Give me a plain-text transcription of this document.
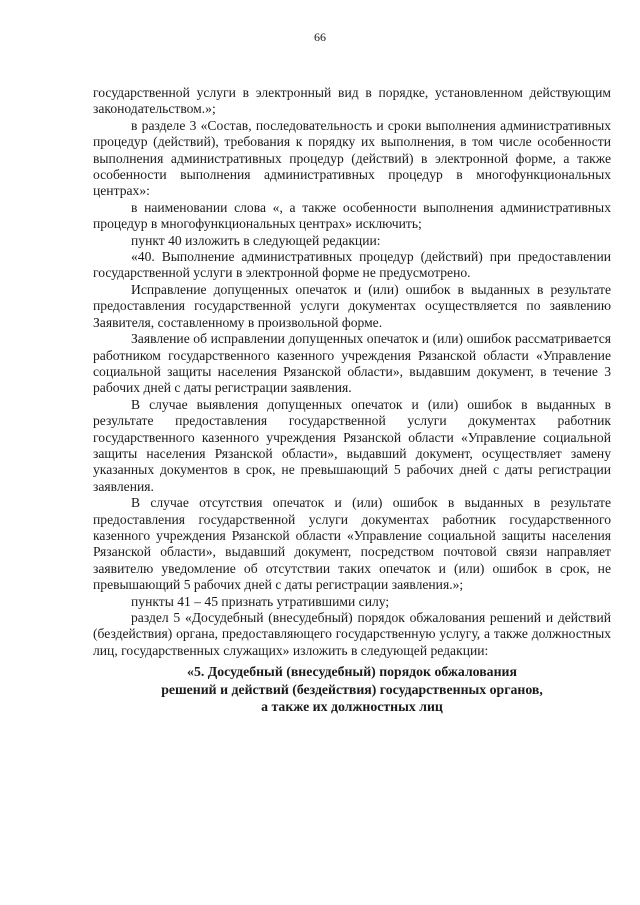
66

государственной услуги в электронный вид в порядке, установленном действующим законодательством.»;

в разделе 3 «Состав, последовательность и сроки выполнения административных процедур (действий), требования к порядку их выполнения, в том числе особенности выполнения административных процедур (действий) в электронной форме, а также особенности выполнения административных процедур в многофункциональных центрах»:

в наименовании слова «, а также особенности выполнения административных процедур в многофункциональных центрах» исключить;

пункт 40 изложить в следующей редакции:

«40. Выполнение административных процедур (действий) при предоставлении государственной услуги в электронной форме не предусмотрено.

Исправление допущенных опечаток и (или) ошибок в выданных в результате предоставления государственной услуги документах осуществляется по заявлению Заявителя, составленному в произвольной форме.

Заявление об исправлении допущенных опечаток и (или) ошибок рассматривается работником государственного казенного учреждения Рязанской области «Управление социальной защиты населения Рязанской области», выдавшим документ, в течение 3 рабочих дней с даты регистрации заявления.

В случае выявления допущенных опечаток и (или) ошибок в выданных в результате предоставления государственной услуги документах работник государственного казенного учреждения Рязанской области «Управление социальной защиты населения Рязанской области», выдавший документ, осуществляет замену указанных документов в срок, не превышающий 5 рабочих дней с даты регистрации заявления.

В случае отсутствия опечаток и (или) ошибок в выданных в результате предоставления государственной услуги документах работник государственного казенного учреждения Рязанской области «Управление социальной защиты населения Рязанской области», выдавший документ, посредством почтовой связи направляет заявителю уведомление об отсутствии таких опечаток и (или) ошибок в срок, не превышающий 5 рабочих дней с даты регистрации заявления.»;

пункты 41 – 45 признать утратившими силу;

раздел 5 «Досудебный (внесудебный) порядок обжалования решений и действий (бездействия) органа, предоставляющего государственную услугу, а также должностных лиц, государственных служащих» изложить в следующей редакции:

«5. Досудебный (внесудебный) порядок обжалования
решений и действий (бездействия) государственных органов,
а также их должностных лиц
